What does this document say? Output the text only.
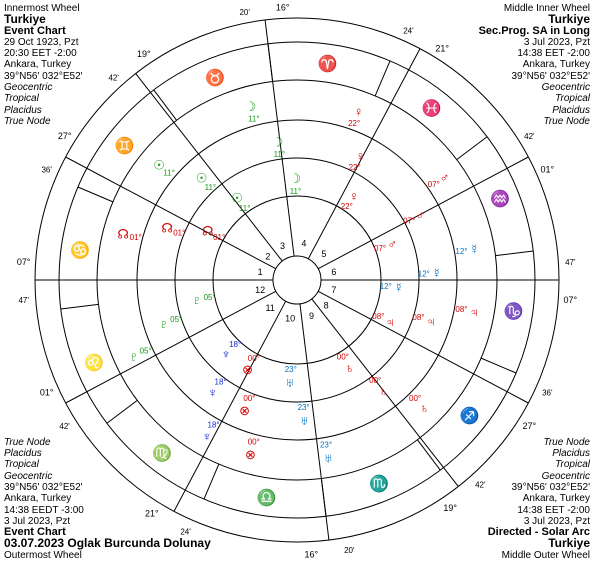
Innermost Wheel
Turkiye
Event Chart
29 Oct 1923, Pzt
20:30 EET -2:00
Ankara, Turkey
39°N56' 032°E52'
Geocentric
Tropical
Placidus
True Node
Middle Inner Wheel
Turkiye
Sec.Prog. SA in Long
3 Jul 2023, Pzt
14:38 EET -2:00
Ankara, Turkey
39°N56' 032°E52'
Geocentric
Tropical
Placidus
True Node
True Node
Placidus
Tropical
Geocentric
39°N56' 032°E52'
Ankara, Turkey
14:38 EEDT -3:00
3 Jul 2023, Pzt
Event Chart
03.07.2023 Oglak Burcunda Dolunay
Outermost Wheel
True Node
Placidus
Tropical
Geocentric
39°N56' 032°E52'
Ankara, Turkey
14:38 EET -2:00
3 Jul 2023, Pzt
Directed - Solar Arc
Turkiye
Middle Outer Wheel
1
2
3 4
5
6
7
8
9
10
11
12
♋
♊
♉
♈
♓
♒
♑
♐
♏
♎
♍
♌
07°
47'
27°
36'
19°
42'
16°
20'
21°
24'
01°
42'
07°
47'
27°
36'
19°
42'
16°	20'
21°
24'
01°
42'
☉
11° ☉
11°
☉
11°
☽
11°
☽
11°
☽
11°
♀
22°
♀
22°
♀
22°
♂
07°
♂
07°
♂
07°
♃
08°
♃
08°
♃
08°
♄
00°
♄
00°
♄
00°
♅
23°
♅
23°
♅
23°
♆
18°
♆
18°
♆
18°
♇ 05°
♇ 05°
♇ 05°
☊ 01°
☊ 01° ☊ 01°
☿
12°
☿
12°
☿
12°
⊗
00°
⊗
00°
⊗
00°
